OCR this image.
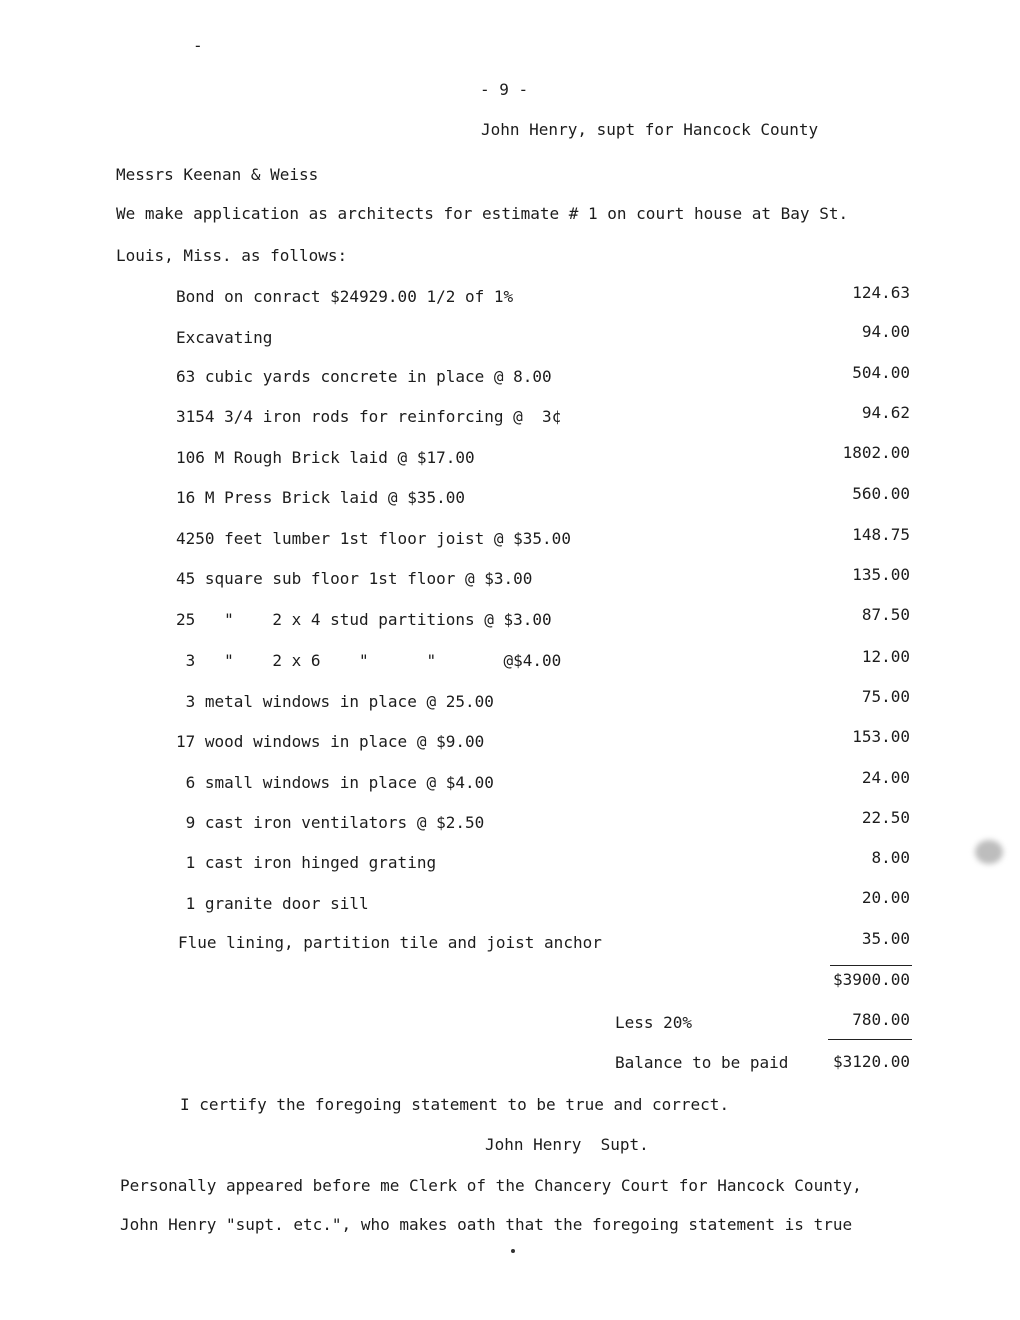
-
- 9 -
John Henry, supt for Hancock County
Messrs Keenan & Weiss
We make application as architects for estimate # 1 on court house at Bay St.
Louis, Miss. as follows:
Bond on conract $24929.00 1/2 of 1%	124.63
Excavating	94.00
63 cubic yards concrete in place @ 8.00	504.00
3154 3/4 iron rods for reinforcing @  3¢	94.62
106 M Rough Brick laid @ $17.00	1802.00
16 M Press Brick laid @ $35.00	560.00
4250 feet lumber 1st floor joist @ $35.00	148.75
45 square sub floor 1st floor @ $3.00	135.00
25   "    2 x 4 stud partitions @ $3.00	87.50
3   "    2 x 6    "      "       @$4.00	12.00
3 metal windows in place @ 25.00	75.00
17 wood windows in place @ $9.00	153.00
6 small windows in place @ $4.00	24.00
9 cast iron ventilators @ $2.50	22.50
1 cast iron hinged grating	8.00
1 granite door sill	20.00
Flue lining, partition tile and joist anchor	35.00
$3900.00
Less 20%	780.00
Balance to be paid	$3120.00
I certify the foregoing statement to be true and correct.
John Henry  Supt.
Personally appeared before me Clerk of the Chancery Court for Hancock County,
John Henry "supt. etc.", who makes oath that the foregoing statement is true
